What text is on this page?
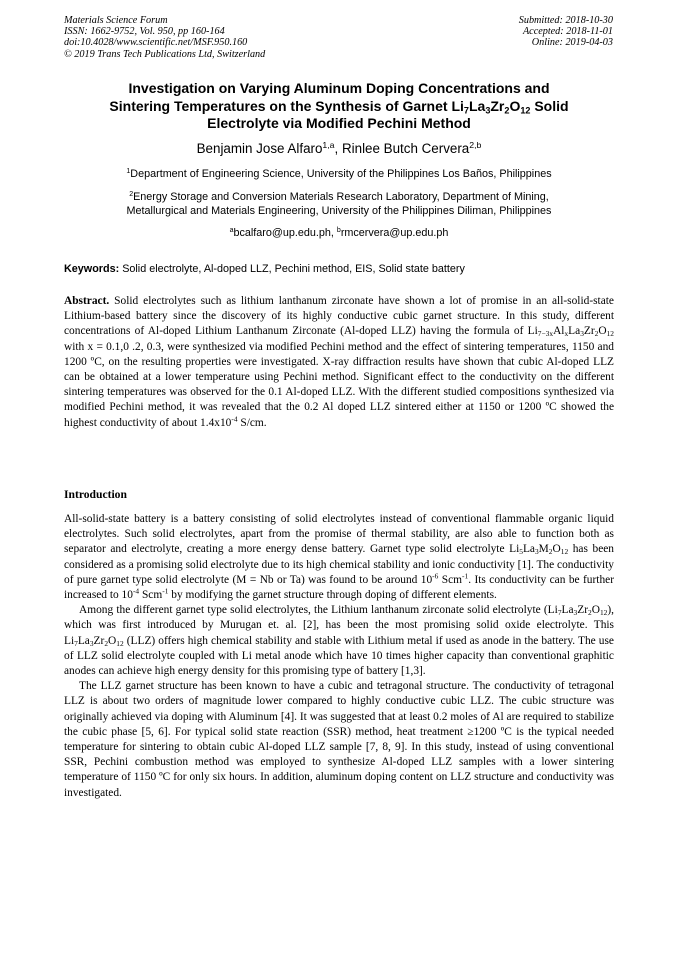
Materials Science Forum
ISSN: 1662-9752, Vol. 950, pp 160-164
doi:10.4028/www.scientific.net/MSF.950.160
© 2019 Trans Tech Publications Ltd, Switzerland
Submitted: 2018-10-30
Accepted: 2018-11-01
Online: 2019-04-03
Investigation on Varying Aluminum Doping Concentrations and
Sintering Temperatures on the Synthesis of Garnet $Li_7La_3Zr_2O_{12}$ Solid
Electrolyte via Modified Pechini Method
Benjamin Jose Alfaro$^{1,a}$, Rinlee Butch Cervera$^{2,b}$
$^1$Department of Engineering Science, University of the Philippines Los Baños, Philippines
$^2$Energy Storage and Conversion Materials Research Laboratory, Department of Mining,
Metallurgical and Materials Engineering, University of the Philippines Diliman, Philippines
$^a$bcalfaro@up.edu.ph, $^b$rmcervera@up.edu.ph
Keywords: Solid electrolyte, Al-doped LLZ, Pechini method, EIS, Solid state battery
Abstract. Solid electrolytes such as lithium lanthanum zirconate have shown a lot of promise in an all-solid-state Lithium-based battery since the discovery of its highly conductive cubic garnet structure. In this study, different concentrations of Al-doped Lithium Lanthanum Zirconate (Al-doped LLZ) having the formula of $Li_{7-3x}Al_xLa_3Zr_2O_{12}$ with x = 0.1,0 .2, 0.3, were synthesized via modified Pechini method and the effect of sintering temperatures, 1150 and 1200 ºC, on the resulting properties were investigated. X-ray diffraction results have shown that cubic Al-doped LLZ can be obtained at a lower temperature using Pechini method. Significant effect to the conductivity on the different sintering temperatures was observed for the 0.1 Al-doped LLZ. With the different studied compositions synthesized via modified Pechini method, it was revealed that the 0.2 Al doped LLZ sintered either at 1150 or 1200 ºC showed the highest conductivity of about $1.4x10^{-4}$ S/cm.
Introduction
All-solid-state battery is a battery consisting of solid electrolytes instead of conventional flammable organic liquid electrolytes. Such solid electrolytes, apart from the promise of thermal stability, are also able to function both as separator and electrolyte, creating a more energy dense battery. Garnet type solid electrolyte $Li_5La_3M_2O_{12}$ has been considered as a promising solid electrolyte due to its high chemical stability and ionic conductivity [1]. The conductivity of pure garnet type solid electrolyte (M = Nb or Ta) was found to be around $10^{-6}$ Scm$^{-1}$. Its conductivity can be further increased to $10^{-4}$ Scm$^{-1}$ by modifying the garnet structure through doping of different elements.
Among the different garnet type solid electrolytes, the Lithium lanthanum zirconate solid electrolyte $(Li_7La_3Zr_2O_{12})$, which was first introduced by Murugan et. al. [2], has been the most promising solid oxide electrolyte. This $Li_7La_3Zr_2O_{12}$ (LLZ) offers high chemical stability and stable with Lithium metal if used as anode in the battery. The use of LLZ solid electrolyte coupled with Li metal anode which have 10 times higher capacity than conventional graphitic anodes can achieve high energy density for this promising type of battery [1,3].
The LLZ garnet structure has been known to have a cubic and tetragonal structure. The conductivity of tetragonal LLZ is about two orders of magnitude lower compared to highly conductive cubic LLZ. The cubic structure was originally achieved via doping with Aluminum [4]. It was suggested that at least 0.2 moles of Al are required to stabilize the cubic phase [5, 6]. For typical solid state reaction (SSR) method, heat treatment ≥1200 ºC is the typical needed temperature for sintering to obtain cubic Al-doped LLZ sample [7, 8, 9]. In this study, instead of using conventional SSR, Pechini combustion method was employed to synthesize Al-doped LLZ samples with a lower sintering temperature of 1150 ºC for only six hours. In addition, aluminum doping content on LLZ structure and conductivity was investigated.
